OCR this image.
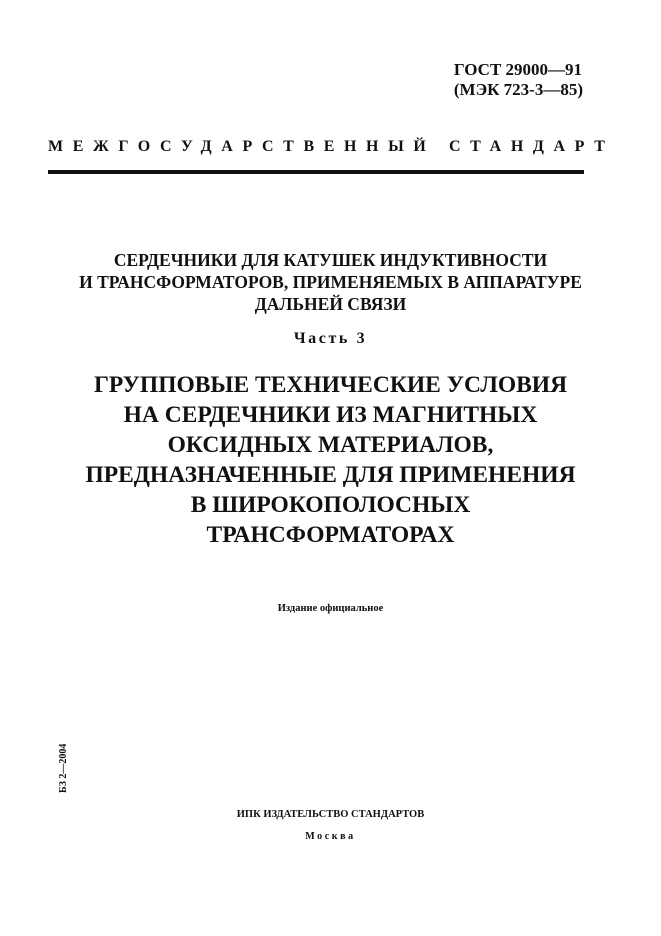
ГОСТ 29000—91
(МЭК 723-3—85)
МЕЖГОСУДАРСТВЕННЫЙ СТАНДАРТ
СЕРДЕЧНИКИ ДЛЯ КАТУШЕК ИНДУКТИВНОСТИ
И ТРАНСФОРМАТОРОВ, ПРИМЕНЯЕМЫХ В АППАРАТУРЕ
ДАЛЬНЕЙ СВЯЗИ
Часть 3
ГРУППОВЫЕ ТЕХНИЧЕСКИЕ УСЛОВИЯ
НА СЕРДЕЧНИКИ ИЗ МАГНИТНЫХ
ОКСИДНЫХ МАТЕРИАЛОВ,
ПРЕДНАЗНАЧЕННЫЕ ДЛЯ ПРИМЕНЕНИЯ
В ШИРОКОПОЛОСНЫХ
ТРАНСФОРМАТОРАХ
Издание официальное
БЗ 2—2004
ИПК ИЗДАТЕЛЬСТВО СТАНДАРТОВ
Москва
